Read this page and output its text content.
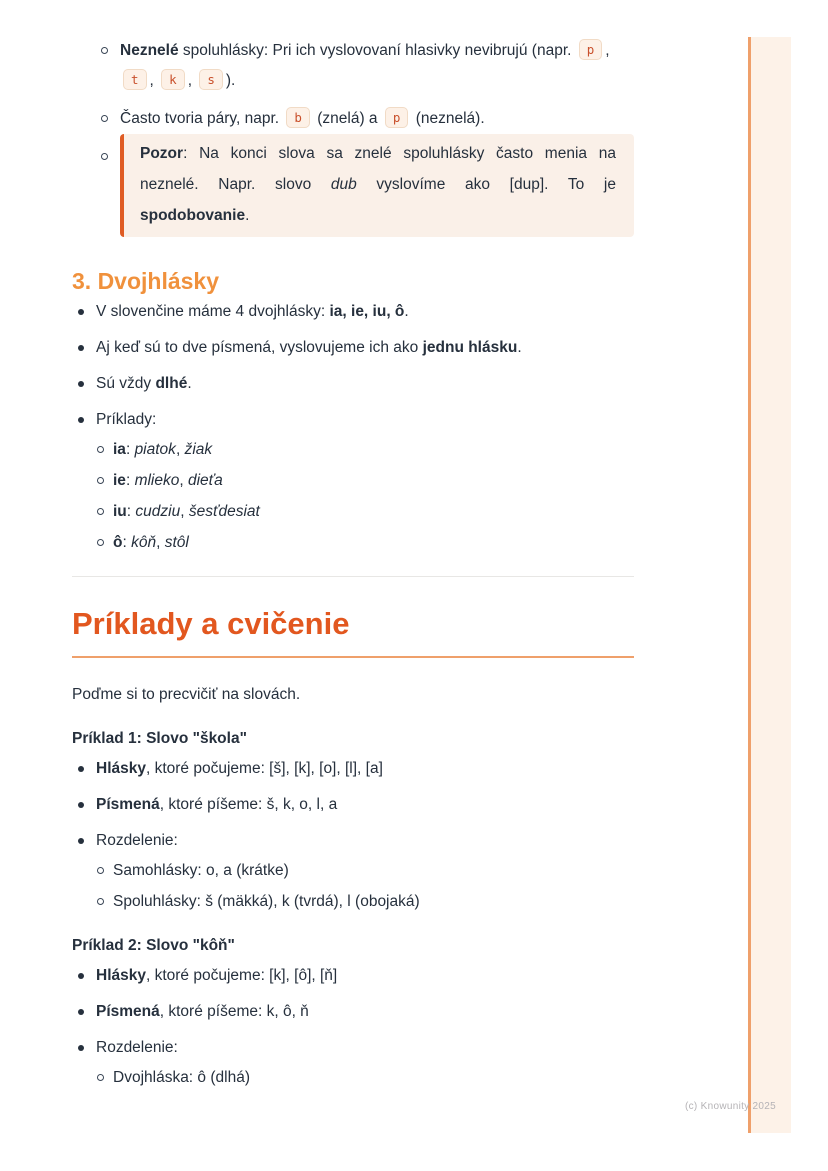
Neznelé spoluhlásky: Pri ich vyslovovaní hlasivky nevibrujú (napr. p , t , k , s ).
Často tvoria páry, napr. b (znelá) a p (neznelá).
Pozor: Na konci slova sa znelé spoluhlásky často menia na neznelé. Napr. slovo dub vyslovíme ako [dup]. To je spodobovanie.
3. Dvojhlásky
V slovenčine máme 4 dvojhlásky: ia, ie, iu, ô.
Aj keď sú to dve písmená, vyslovujeme ich ako jednu hlásku.
Sú vždy dlhé.
Príklady:
ia: piatok, žiak
ie: mlieko, dieťa
iu: cudziu, šesťdesiat
ô: kôň, stôl
Príklady a cvičenie

Poďme si to precvičiť na slovách.

Príklad 1: Slovo "škola"

Hlásky, ktoré počujeme: [š], [k], [o], [l], [a]
Písmená, ktoré píšeme: š, k, o, l, a
Rozdelenie:
Samohlásky: o, a (krátke)
Spoluhlásky: š (mäkká), k (tvrdá), l (obojaká)

Príklad 2: Slovo "kôň"

Hlásky, ktoré počujeme: [k], [ô], [ň]
Písmená, ktoré píšeme: k, ô, ň
Rozdelenie:
Dvojhláska: ô (dlhá)
(c) Knowunity 2025
